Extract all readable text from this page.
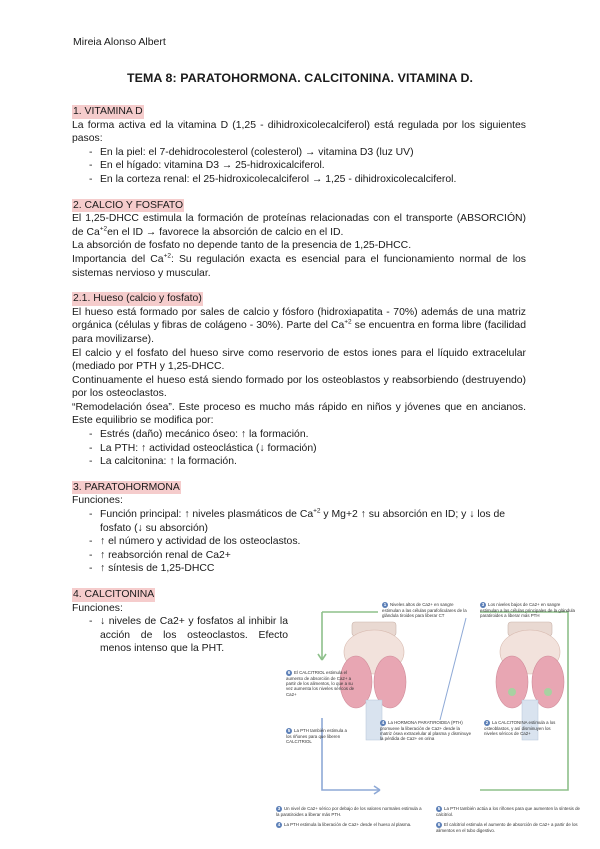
Mireia Alonso Albert
TEMA 8: PARATOHORMONA. CALCITONINA. VITAMINA D.
1. VITAMINA D

La forma activa ed la vitamina D (1,25 - dihidroxicolecalciferol) está regulada por los siguientes pasos:

- En la piel: el 7-dehidrocolesterol (colesterol) → vitamina D3 (luz UV)
- En el hígado: vitamina D3 → 25-hidroxicalciferol.
- En la corteza renal: el 25-hidroxicolecalciferol → 1,25 - dihidroxicolecalciferol.
2. CALCIO Y FOSFATO

El 1,25-DHCC estimula la formación de proteínas relacionadas con el transporte (ABSORCIÓN) de $Ca^{+2}en$ el ID → favorece la absorción de calcio en el ID.

La absorción de fosfato no depende tanto de la presencia de 1,25-DHCC.

Importancia del $Ca^{+2}$: Su regulación exacta es esencial para el funcionamiento normal de los sistemas nervioso y muscular.

2.1. Hueso (calcio y fosfato)

El hueso está formado por sales de calcio y fósforo (hidroxiapatita - 70%) además de una matriz orgánica (células y fibras de colágeno - 30%). Parte del $Ca^{+2}$ se encuentra en forma libre (facilidad para movilizarse).

El calcio y el fosfato del hueso sirve como reservorio de estos iones para el líquido extracelular (mediado por PTH y 1,25-DHCC.

Continuamente el hueso está siendo formado por los osteoblastos y reabsorbiendo (destruyendo) por los osteoclastos.

“Remodelación ósea”. Este proceso es mucho más rápido en niños y jóvenes que en ancianos. Este equilibrio se modifica por:

- Estrés (daño) mecánico óseo: ↑ la formación.
- La PTH: ↑ actividad osteoclástica (↓ formación)
- La calcitonina: ↑ la formación.
3. PARATOHORMONA

Funciones:

- Función principal: ↑ niveles plasmáticos de $Ca^{+2}$ y Mg+2 ↑ su absorción en ID; y ↓ los de fosfato (↓ su absorción)
- ↑ el número y actividad de los osteoclastos.
- ↑ reabsorción renal de Ca2+
- ↑ síntesis de 1,25-DHCC
4. CALCITONINA

Funciones:

- ↓ niveles de Ca2+ y fosfatos al inhibir la acción de los osteoclastos. Efecto menos intenso que la PHT.
1 Niveles altos de Ca2+ en sangre estimulan a las células parafoliculares de la glándula tiroides para liberar CT
3 Los niveles bajos de Ca2+ en sangre estimulan a las células principales de la glándula paratiroides a liberar más PTH
6 El CALCITRIOL estimula el aumento de absorción de Ca2+ a partir de los alimentos, lo que a su vez aumenta los niveles séricos de Ca2+
5 La PTH también estimula a los riñones para que liberen CALCITRIOL
4 La HORMONA PARATIROIDEA (PTH) promueve la liberación de Ca2+ desde la matriz ósea extracelular al plasma y disminuye la pérdida de Ca2+ en orina
2 La CALCITONINA estimula a los osteoblastos, y así disminuyen los niveles séricos de Ca2+
3 Un nivel de Ca2+ sérico por debajo de los valores normales estimula a la paratiroides a liberar más PTH.
5 La PTH también actúa a los riñones para que aumenten la síntesis de calcitriol.
4 La PTH estimula la liberación de Ca2+ desde el hueso al plasma.	6 El calcitriol estimula el aumento de absorción de Ca2+ a partir de los alimentos en el tubo digestivo.
